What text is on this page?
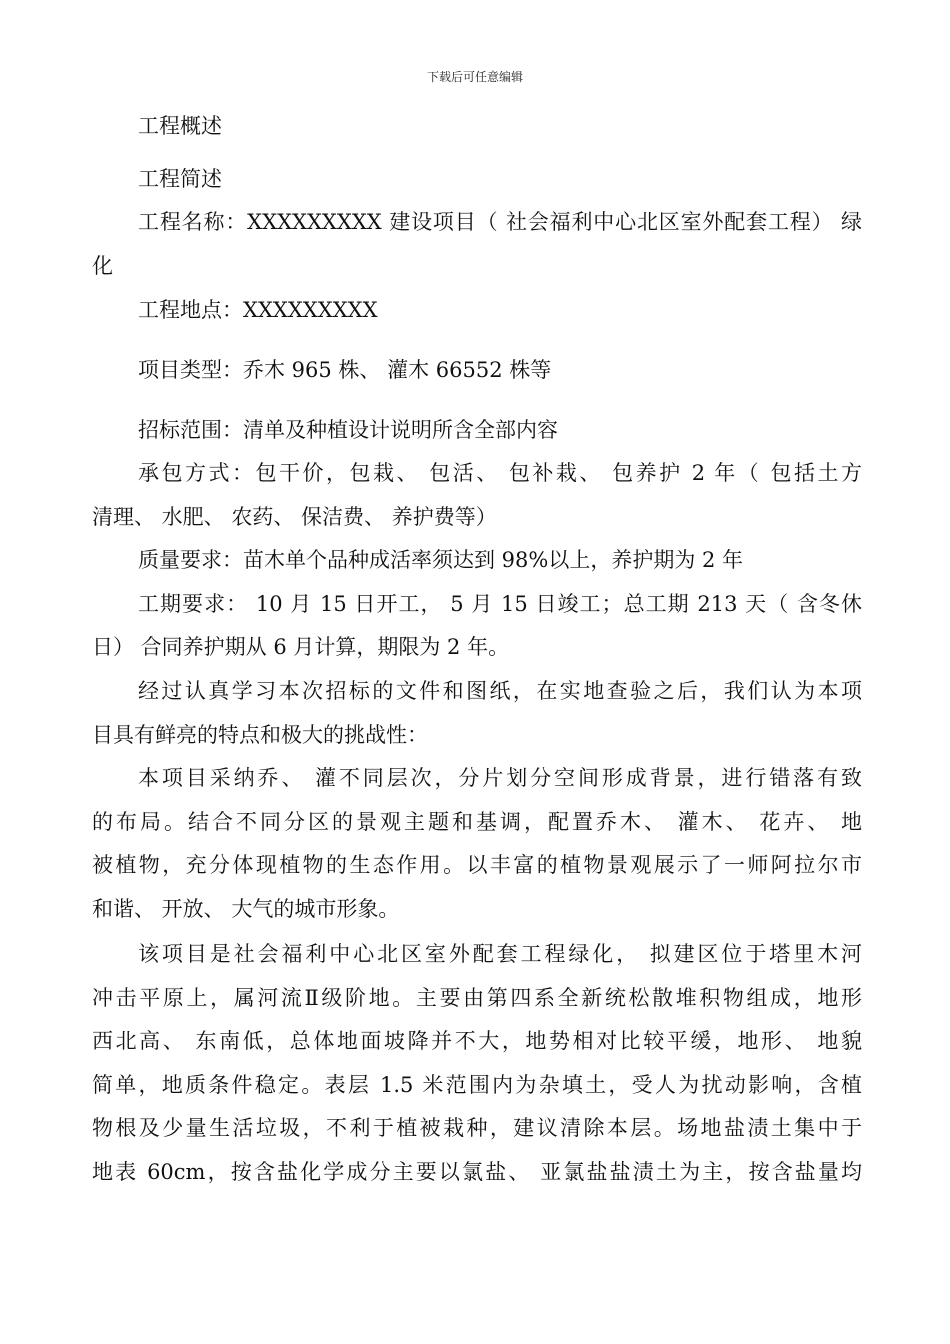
下载后可任意编辑
工程概述
工程简述
工程名称：XXXXXXXXX 建设项目（ 社会福利中心北区室外配套工程） 绿
化
工程地点：XXXXXXXXX
项目类型：乔木 965 株、 灌木 66552 株等
招标范围：清单及种植设计说明所含全部内容
承包方式：包干价，包栽、 包活、 包补栽、 包养护 2 年（ 包括土方
清理、 水肥、 农药、 保洁费、 养护费等）
质量要求：苗木单个品种成活率须达到 98%以上，养护期为 2 年
工期要求： 10 月 15 日开工， 5 月 15 日竣工；总工期 213 天（ 含冬休
日） 合同养护期从 6 月计算，期限为 2 年。
经过认真学习本次招标的文件和图纸，在实地查验之后，我们认为本项
目具有鲜亮的特点和极大的挑战性：
本项目采纳乔、 灌不同层次，分片划分空间形成背景，进行错落有致
的布局。结合不同分区的景观主题和基调，配置乔木、 灌木、 花卉、 地
被植物，充分体现植物的生态作用。以丰富的植物景观展示了一师阿拉尔市
和谐、 开放、 大气的城市形象。
该项目是社会福利中心北区室外配套工程绿化， 拟建区位于塔里木河
冲击平原上，属河流Ⅱ级阶地。主要由第四系全新统松散堆积物组成，地形
西北高、 东南低，总体地面坡降并不大，地势相对比较平缓，地形、 地貌
简单，地质条件稳定。表层 1.5 米范围内为杂填土，受人为扰动影响，含植
物根及少量生活垃圾，不利于植被栽种，建议清除本层。场地盐渍土集中于
地表 60cm，按含盐化学成分主要以氯盐、 亚氯盐盐渍土为主，按含盐量均
